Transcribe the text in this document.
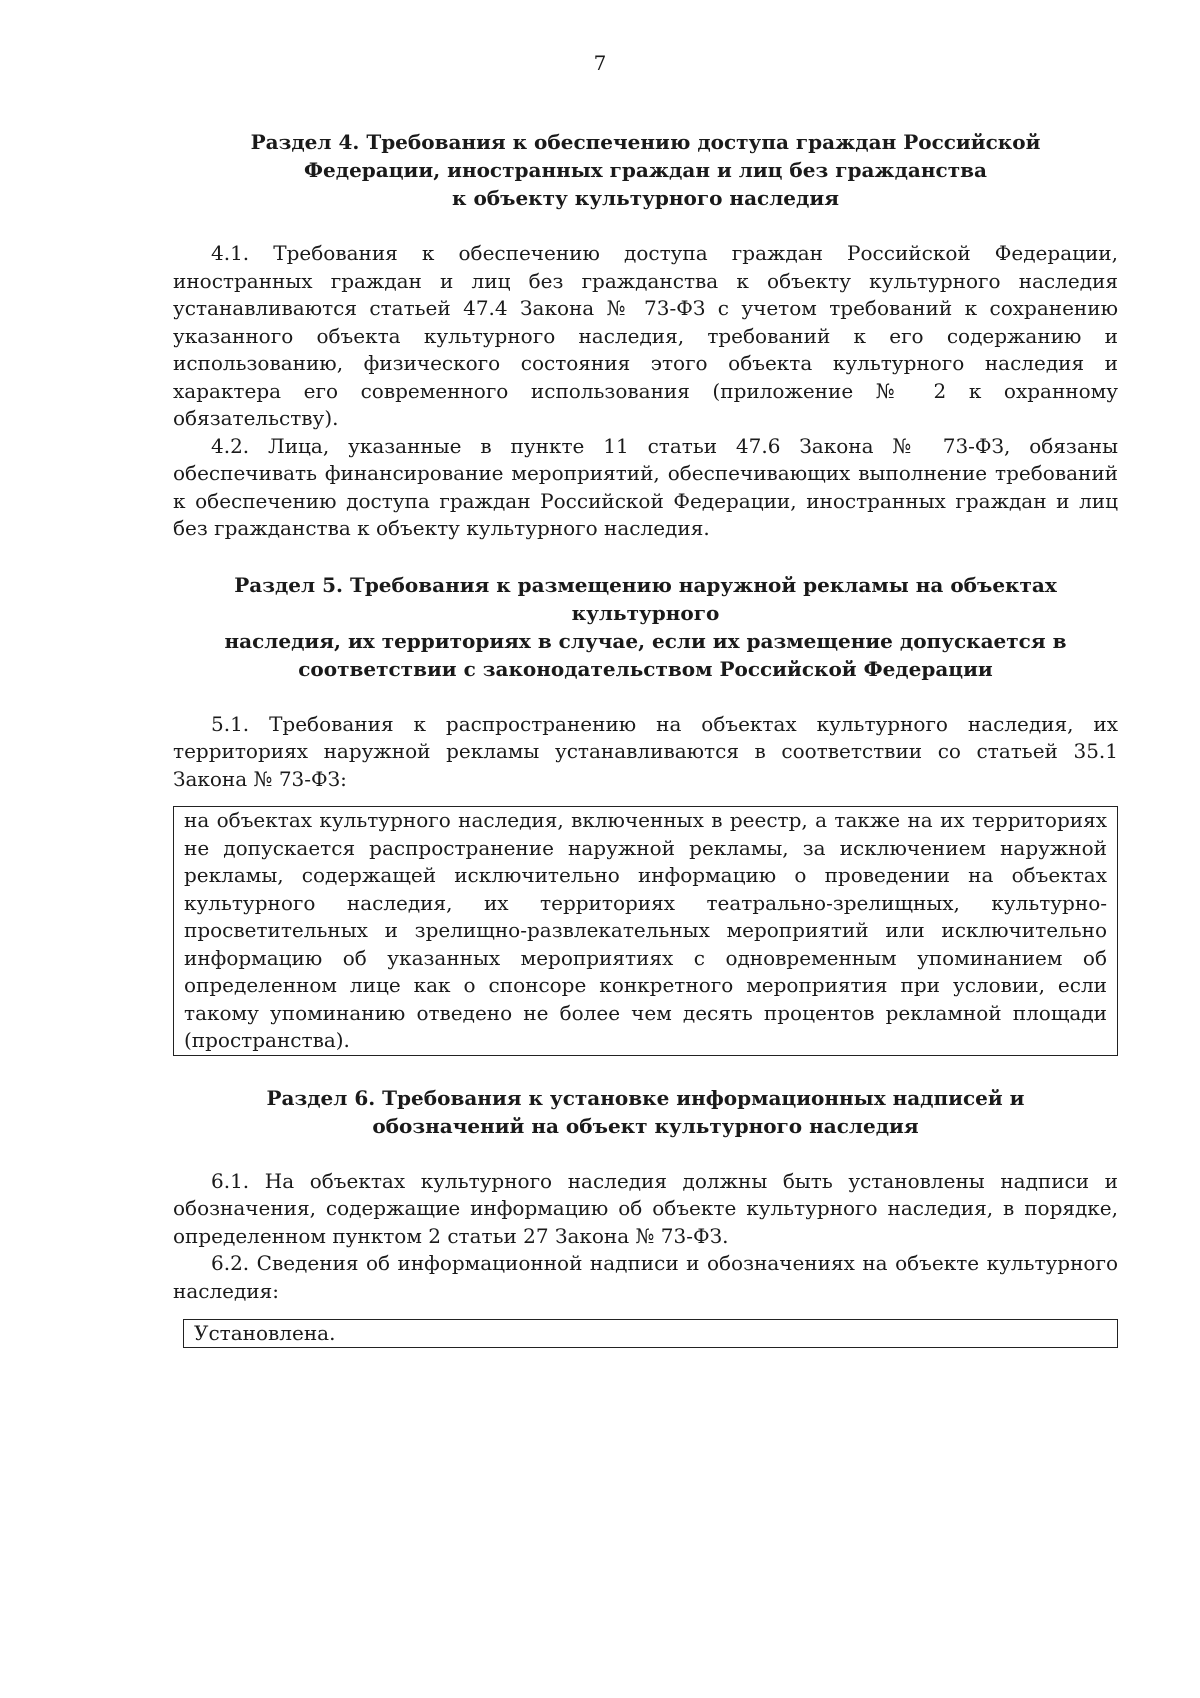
7
Раздел 4. Требования к обеспечению доступа граждан Российской
Федерации, иностранных граждан и лиц без гражданства
к объекту культурного наследия

4.1. Требования к обеспечению доступа граждан Российской Федерации, иностранных граждан и лиц без гражданства к объекту культурного наследия устанавливаются статьей 47.4 Закона № 73-ФЗ с учетом требований к сохранению указанного объекта культурного наследия, требований к его содержанию и использованию, физического состояния этого объекта культурного наследия и характера его современного использования (приложение № 2 к охранному обязательству).

4.2. Лица, указанные в пункте 11 статьи 47.6 Закона № 73-ФЗ, обязаны обеспечивать финансирование мероприятий, обеспечивающих выполнение требований к обеспечению доступа граждан Российской Федерации, иностранных граждан и лиц без гражданства к объекту культурного наследия.

Раздел 5. Требования к размещению наружной рекламы на объектах культурного
наследия, их территориях в случае, если их размещение допускается в
соответствии с законодательством Российской Федерации

5.1. Требования к распространению на объектах культурного наследия, их территориях наружной рекламы устанавливаются в соответствии со статьей 35.1 Закона № 73-ФЗ:

на объектах культурного наследия, включенных в реестр, а также на их территориях не допускается распространение наружной рекламы, за исключением наружной рекламы, содержащей исключительно информацию о проведении на объектах культурного наследия, их территориях театрально-зрелищных, культурно-просветительных и зрелищно-развлекательных мероприятий или исключительно информацию об указанных мероприятиях с одновременным упоминанием об определенном лице как о спонсоре конкретного мероприятия при условии, если такому упоминанию отведено не более чем десять процентов рекламной площади (пространства).
Раздел 6. Требования к установке информационных надписей и
обозначений на объект культурного наследия

6.1. На объектах культурного наследия должны быть установлены надписи и обозначения, содержащие информацию об объекте культурного наследия, в порядке, определенном пунктом 2 статьи 27 Закона № 73-ФЗ.

6.2. Сведения об информационной надписи и обозначениях на объекте культурного наследия:

Установлена.
